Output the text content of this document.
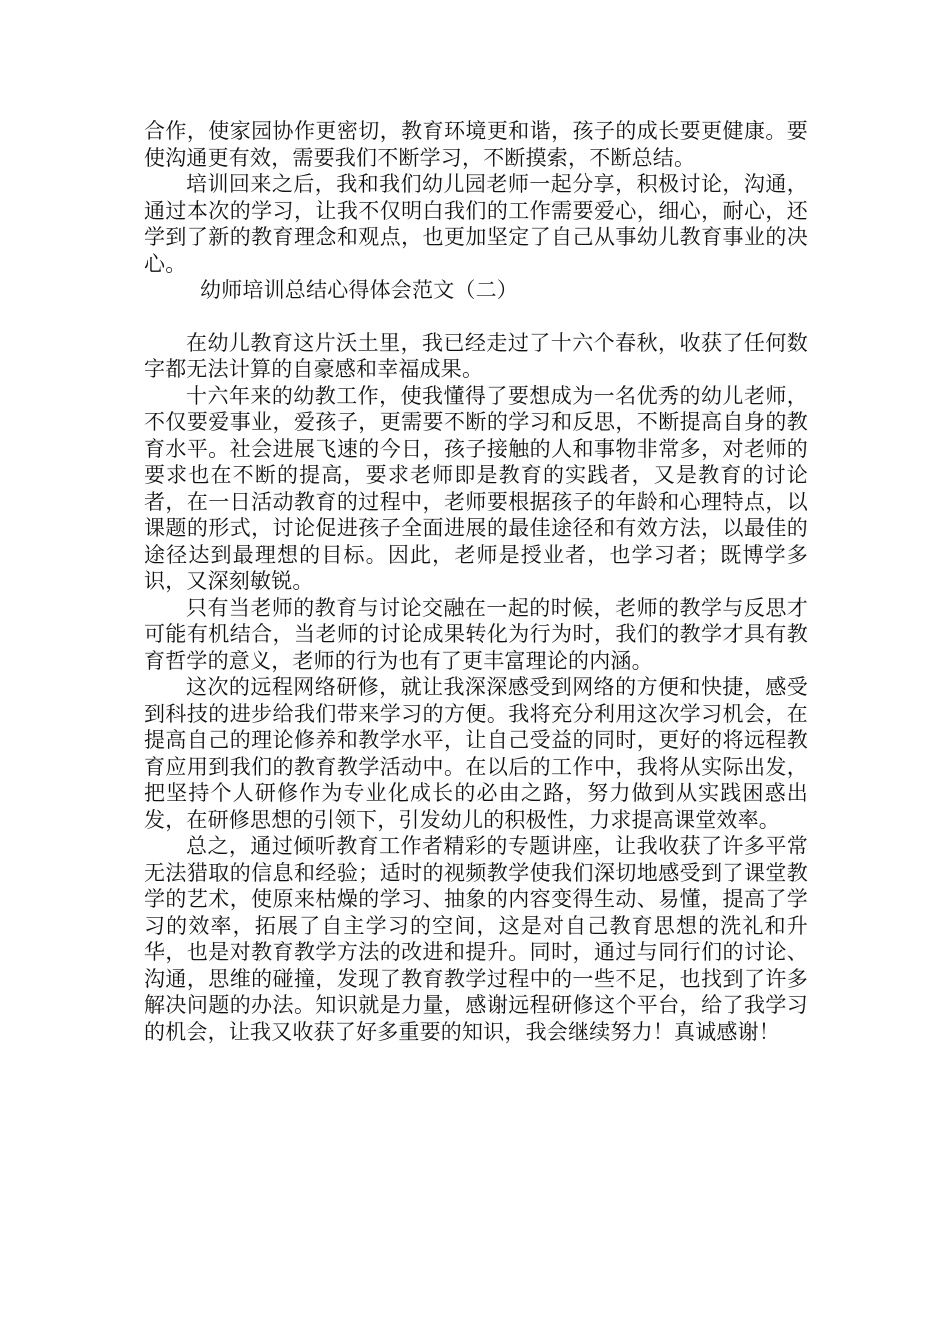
合作，使家园协作更密切，教育环境更和谐，孩子的成长要更健康。要使沟通更有效，需要我们不断学习，不断摸索，不断总结。

培训回来之后，我和我们幼儿园老师一起分享，积极讨论，沟通，通过本次的学习，让我不仅明白我们的工作需要爱心，细心，耐心，还学到了新的教育理念和观点，也更加坚定了自己从事幼儿教育事业的决心。

幼师培训总结心得体会范文（二）

在幼儿教育这片沃土里，我已经走过了十六个春秋，收获了任何数字都无法计算的自豪感和幸福成果。

十六年来的幼教工作，使我懂得了要想成为一名优秀的幼儿老师，不仅要爱事业，爱孩子，更需要不断的学习和反思，不断提高自身的教育水平。社会进展飞速的今日，孩子接触的人和事物非常多，对老师的要求也在不断的提高，要求老师即是教育的实践者，又是教育的讨论者，在一日活动教育的过程中，老师要根据孩子的年龄和心理特点，以课题的形式，讨论促进孩子全面进展的最佳途径和有效方法，以最佳的途径达到最理想的目标。因此，老师是授业者，也学习者；既博学多识，又深刻敏锐。

只有当老师的教育与讨论交融在一起的时候，老师的教学与反思才可能有机结合，当老师的讨论成果转化为行为时，我们的教学才具有教育哲学的意义，老师的行为也有了更丰富理论的内涵。

这次的远程网络研修，就让我深深感受到网络的方便和快捷，感受到科技的进步给我们带来学习的方便。我将充分利用这次学习机会，在提高自己的理论修养和教学水平，让自己受益的同时，更好的将远程教育应用到我们的教育教学活动中。在以后的工作中，我将从实际出发，把坚持个人研修作为专业化成长的必由之路，努力做到从实践困惑出发，在研修思想的引领下，引发幼儿的积极性，力求提高课堂效率。

总之，通过倾听教育工作者精彩的专题讲座，让我收获了许多平常无法猎取的信息和经验；适时的视频教学使我们深切地感受到了课堂教学的艺术，使原来枯燥的学习、抽象的内容变得生动、易懂，提高了学习的效率，拓展了自主学习的空间，这是对自己教育思想的洗礼和升华，也是对教育教学方法的改进和提升。同时，通过与同行们的讨论、沟通，思维的碰撞，发现了教育教学过程中的一些不足，也找到了许多解决问题的办法。知识就是力量，感谢远程研修这个平台，给了我学习的机会，让我又收获了好多重要的知识，我会继续努力！真诚感谢！
